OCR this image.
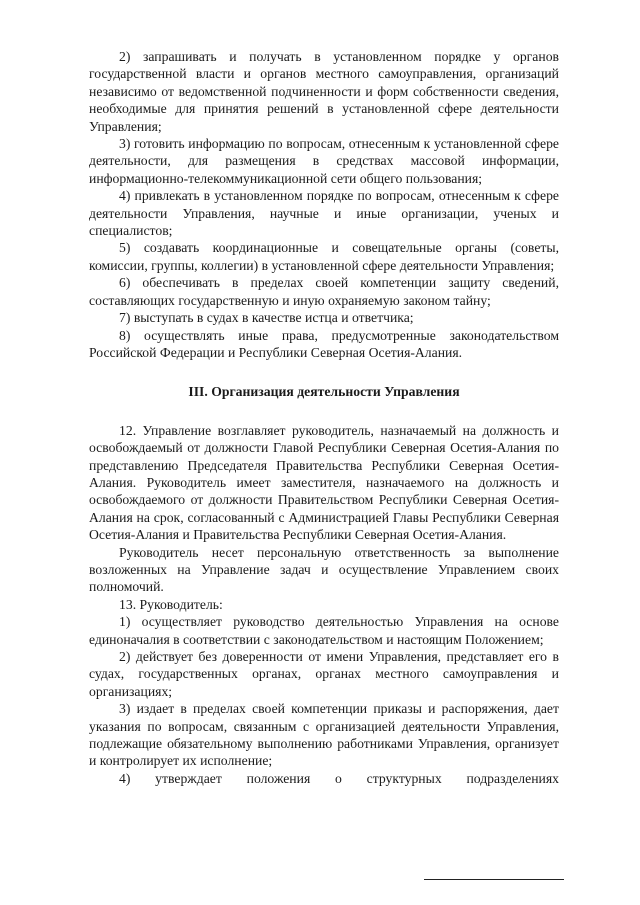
2) запрашивать и получать в установленном порядке у органов государственной власти и органов местного самоуправления, организаций независимо от ведомственной подчиненности и форм собственности сведения, необходимые для принятия решений в установленной сфере деятельности Управления;

3) готовить информацию по вопросам, отнесенным к установленной сфере деятельности, для размещения в средствах массовой информации, информационно-телекоммуникационной сети общего пользования;

4) привлекать в установленном порядке по вопросам, отнесенным к сфере деятельности Управления, научные и иные организации, ученых и специалистов;

5) создавать координационные и совещательные органы (советы, комиссии, группы, коллегии) в установленной сфере деятельности Управления;

6) обеспечивать в пределах своей компетенции защиту сведений, составляющих государственную и иную охраняемую законом тайну;

7) выступать в судах в качестве истца и ответчика;

8) осуществлять иные права, предусмотренные законодательством Российской Федерации и Республики Северная Осетия-Алания.

III. Организация деятельности Управления

12. Управление возглавляет руководитель, назначаемый на должность и освобождаемый от должности Главой Республики Северная Осетия-Алания по представлению Председателя Правительства Республики Северная Осетия-Алания. Руководитель имеет заместителя, назначаемого на должность и освобождаемого от должности Правительством Республики Северная Осетия-Алания на срок, согласованный с Администрацией Главы Республики Северная Осетия-Алания и Правительства Республики Северная Осетия-Алания.

Руководитель несет персональную ответственность за выполнение возложенных на Управление задач и осуществление Управлением своих полномочий.

13. Руководитель:

1) осуществляет руководство деятельностью Управления на основе единоначалия в соответствии с законодательством и настоящим Положением;

2) действует без доверенности от имени Управления, представляет его в судах, государственных органах, органах местного самоуправления и организациях;

3) издает в пределах своей компетенции приказы и распоряжения, дает указания по вопросам, связанным с организацией деятельности Управления, подлежащие обязательному выполнению работниками Управления, организует и контролирует их исполнение;

4) утверждает положения о структурных подразделениях
